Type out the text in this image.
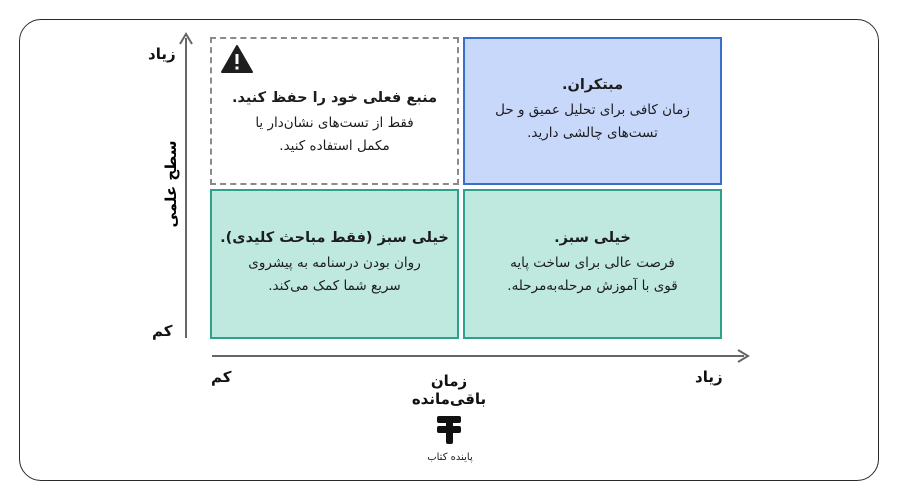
زیاد
کم
سطح علمی
کم	زیاد
زمان باقی‌مانده
منبع فعلی خود را حفظ کنید.
فقط از تست‌های نشان‌دار یا
مکمل استفاده کنید.
مبتکران.
زمان کافی برای تحلیل عمیق و حل
تست‌های چالشی دارید.
خیلی سبز (فقط مباحث کلیدی).
روان بودن درسنامه به پیشروی
سریع شما کمک می‌کند.
خیلی سبز.
فرصت عالی برای ساخت پایه
قوی با آموزش مرحله‌به‌مرحله.
پاینده کتاب
